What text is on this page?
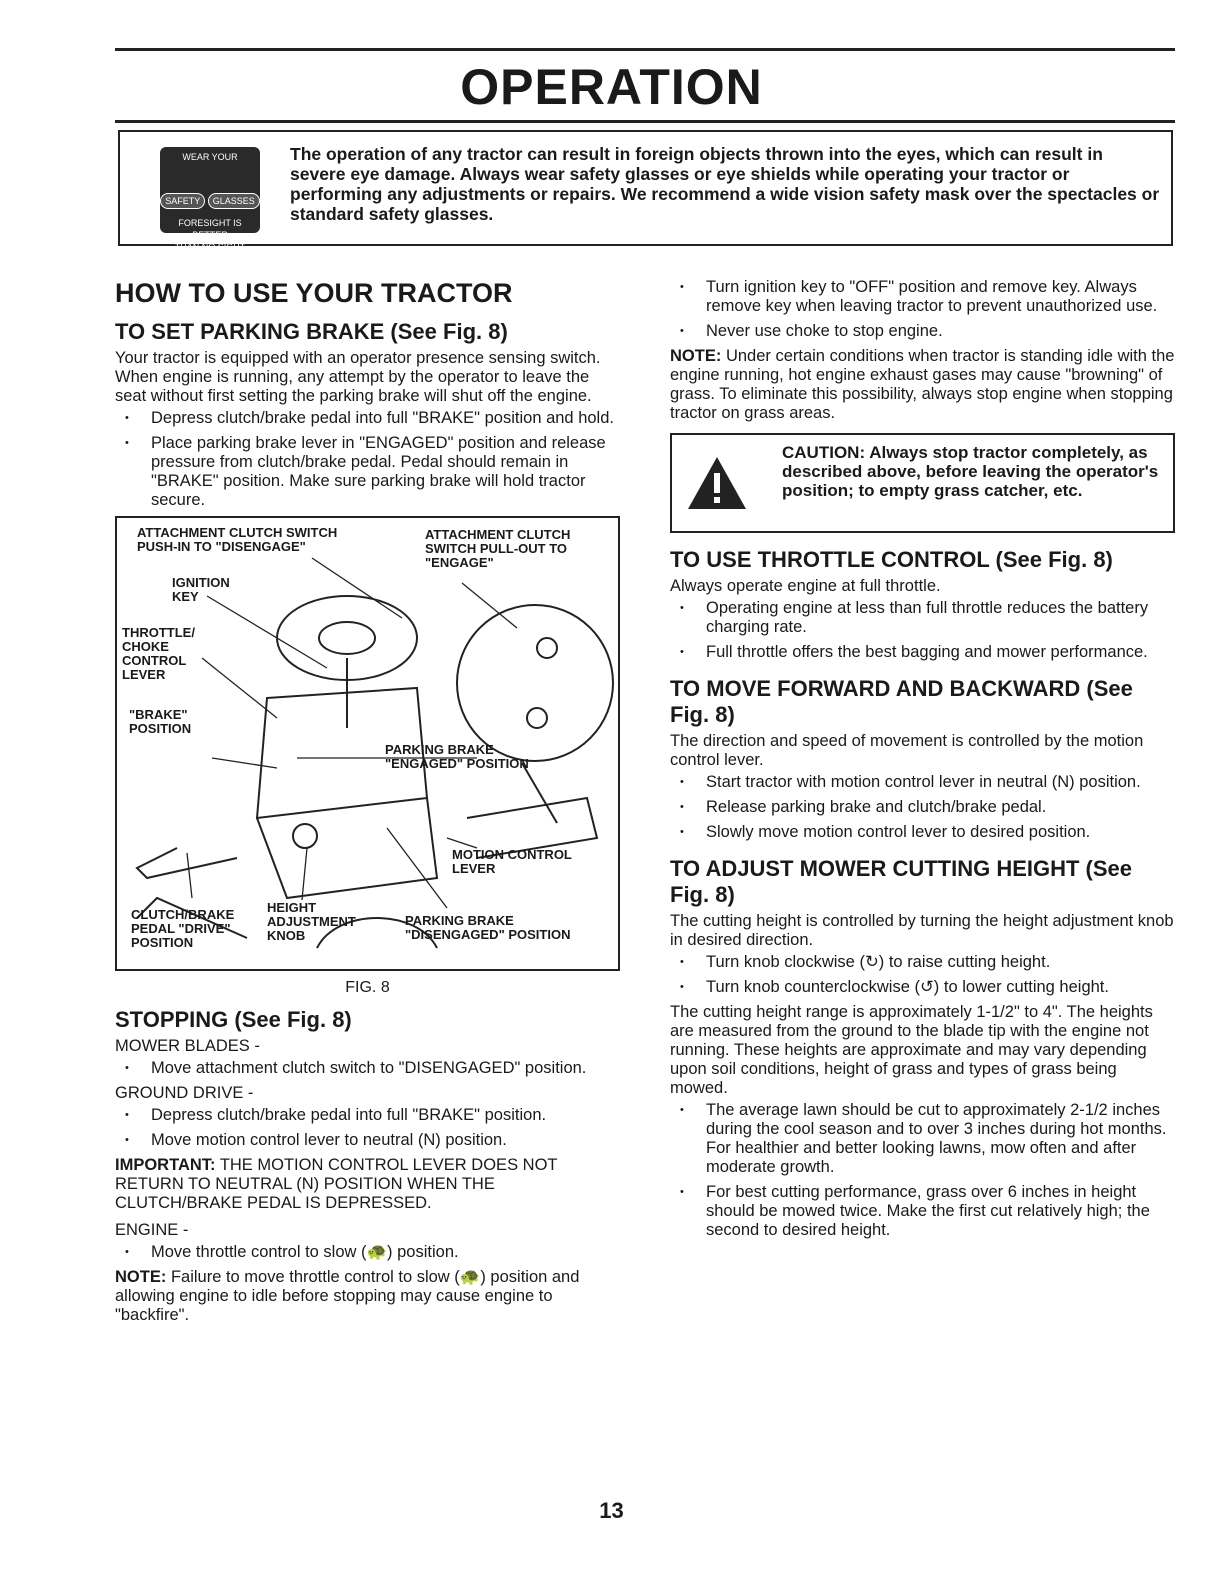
OPERATION
WEAR YOUR
SAFETY GLASSES
FORESIGHT IS BETTER
THAN NO SIGHT

The operation of any tractor can result in foreign objects thrown into the eyes, which can result in severe eye damage. Always wear safety glasses or eye shields while operating your tractor or performing any adjustments or repairs. We recommend a wide vision safety mask over the spectacles or standard safety glasses.

HOW TO USE YOUR TRACTOR
TO SET PARKING BRAKE (See Fig. 8)

Your tractor is equipped with an operator presence sensing switch. When engine is running, any attempt by the operator to leave the seat without first setting the parking brake will shut off the engine.

• Depress clutch/brake pedal into full "BRAKE" position and hold.
• Place parking brake lever in "ENGAGED" position and release pressure from clutch/brake pedal. Pedal should remain in "BRAKE" position. Make sure parking brake will hold tractor secure.
ATTACHMENT CLUTCH SWITCH
PUSH-IN TO "DISENGAGE"
ATTACHMENT CLUTCH
SWITCH PULL-OUT TO
"ENGAGE"
IGNITION
KEY
THROTTLE/
CHOKE
CONTROL
LEVER
"BRAKE"
POSITION
PARKING BRAKE
"ENGAGED" POSITION
MOTION CONTROL
LEVER
CLUTCH/BRAKE
PEDAL "DRIVE"
POSITION
HEIGHT
ADJUSTMENT
KNOB
PARKING BRAKE
"DISENGAGED" POSITION
FIG. 8
STOPPING (See Fig. 8)
MOWER BLADES -
• Move attachment clutch switch to "DISENGAGED" position.
GROUND DRIVE -
• Depress clutch/brake pedal into full "BRAKE" position.
• Move motion control lever to neutral (N) position.

IMPORTANT: THE MOTION CONTROL LEVER DOES NOT RETURN TO NEUTRAL (N) POSITION WHEN THE CLUTCH/BRAKE PEDAL IS DEPRESSED.

ENGINE -
• Move throttle control to slow (🐢) position.

NOTE: Failure to move throttle control to slow (🐢) position and allowing engine to idle before stopping may cause engine to "backfire".

• Turn ignition key to "OFF" position and remove key. Always remove key when leaving tractor to prevent unauthorized use.
• Never use choke to stop engine.

NOTE: Under certain conditions when tractor is standing idle with the engine running, hot engine exhaust gases may cause "browning" of grass. To eliminate this possibility, always stop engine when stopping tractor on grass areas.

CAUTION: Always stop tractor completely, as described above, before leaving the operator's position; to empty grass catcher, etc.
TO USE THROTTLE CONTROL (See Fig. 8)

Always operate engine at full throttle.

• Operating engine at less than full throttle reduces the battery charging rate.
• Full throttle offers the best bagging and mower performance.
TO MOVE FORWARD AND BACKWARD (See Fig. 8)

The direction and speed of movement is controlled by the motion control lever.

• Start tractor with motion control lever in neutral (N) position.
• Release parking brake and clutch/brake pedal.
• Slowly move motion control lever to desired position.
TO ADJUST MOWER CUTTING HEIGHT (See Fig. 8)

The cutting height is controlled by turning the height adjustment knob in desired direction.

• Turn knob clockwise (↻) to raise cutting height.
• Turn knob counterclockwise (↺) to lower cutting height.

The cutting height range is approximately 1-1/2" to 4". The heights are measured from the ground to the blade tip with the engine not running. These heights are approximate and may vary depending upon soil conditions, height of grass and types of grass being mowed.

• The average lawn should be cut to approximately 2-1/2 inches during the cool season and to over 3 inches during hot months. For healthier and better looking lawns, mow often and after moderate growth.
• For best cutting performance, grass over 6 inches in height should be mowed twice. Make the first cut relatively high; the second to desired height.
13
